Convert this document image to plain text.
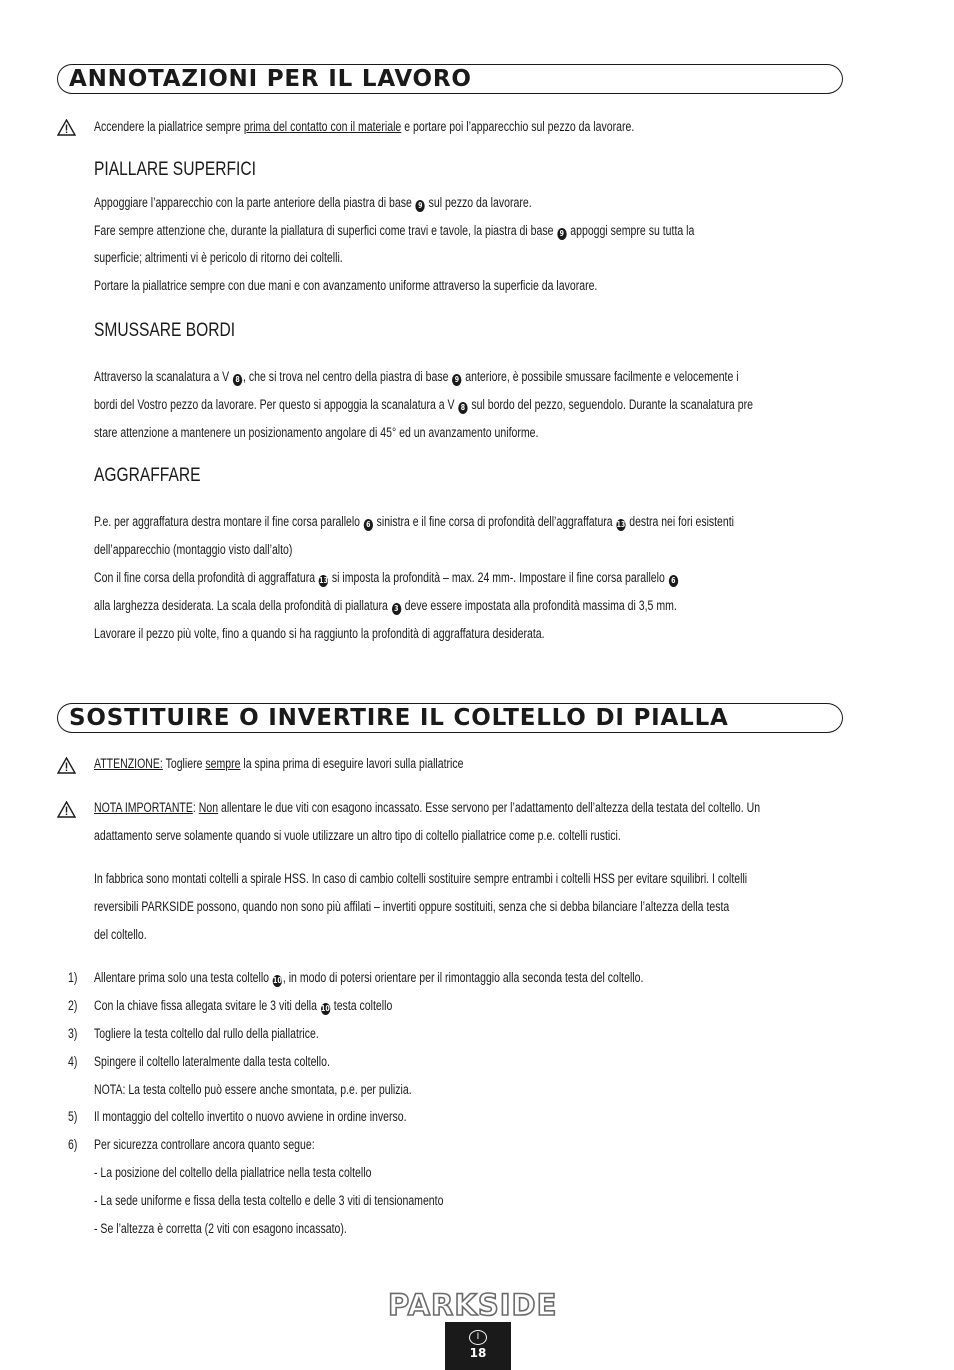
ANNOTAZIONI PER IL LAVORO
Accendere la piallatrice sempre prima del contatto con il materiale e portare poi l’apparecchio sul pezzo da lavorare.
PIALLARE SUPERFICI
Appoggiare l’apparecchio con la parte anteriore della piastra di base 9 sul pezzo da lavorare.
Fare sempre attenzione che, durante la piallatura di superfici come travi e tavole, la piastra di base 9 appoggi sempre su tutta la
superficie; altrimenti vi è pericolo di ritorno dei coltelli.
Portare la piallatrice sempre con due mani e con avanzamento uniforme attraverso la superficie da lavorare.
SMUSSARE BORDI
Attraverso la scanalatura a V 8 , che si trova nel centro della piastra di base 9 anteriore, è possibile smussare facilmente e velocemente i
bordi del Vostro pezzo da lavorare. Per questo si appoggia la scanalatura a V 8 sul bordo del pezzo, seguendolo. Durante la scanalatura pre
stare attenzione a mantenere un posizionamento angolare di 45° ed un avanzamento uniforme.
AGGRAFFARE
P.e. per aggraffatura destra montare il fine corsa parallelo 6 sinistra e il fine corsa di profondità dell’aggraffatura 13 destra nei fori esistenti
dell’apparecchio (montaggio visto dall’alto)
Con il fine corsa della profondità di aggraffatura 13 si imposta la profondità – max. 24 mm-. Impostare il fine corsa parallelo 6
alla larghezza desiderata. La scala della profondità di piallatura 3 deve essere impostata alla profondità massima di 3,5 mm.
Lavorare il pezzo più volte, fino a quando si ha raggiunto la profondità di aggraffatura desiderata.
SOSTITUIRE O INVERTIRE IL COLTELLO DI PIALLA
ATTENZIONE: Togliere sempre la spina prima di eseguire lavori sulla piallatrice
NOTA IMPORTANTE: Non allentare le due viti con esagono incassato. Esse servono per l’adattamento dell’altezza della testata del coltello. Un
adattamento serve solamente quando si vuole utilizzare un altro tipo di coltello piallatrice come p.e. coltelli rustici.
In fabbrica sono montati coltelli a spirale HSS. In caso di cambio coltelli sostituire sempre entrambi i coltelli HSS per evitare squilibri. I coltelli
reversibili PARKSIDE possono, quando non sono più affilati – invertiti oppure sostituiti, senza che si debba bilanciare l’altezza della testa
del coltello.
1) Allentare prima solo una testa coltello 10, in modo di potersi orientare per il rimontaggio alla seconda testa del coltello.
2) Con la chiave fissa allegata svitare le 3 viti della 10 testa coltello
3) Togliere la testa coltello dal rullo della piallatrice.
4) Spingere il coltello lateralmente dalla testa coltello.
NOTA: La testa coltello può essere anche smontata, p.e. per pulizia.
5) Il montaggio del coltello invertito o nuovo avviene in ordine inverso.
6) Per sicurezza controllare ancora quanto segue:
- La posizione del coltello della piallatrice nella testa coltello
- La sede uniforme e fissa della testa coltello e delle 3 viti di tensionamento
- Se l’altezza è corretta (2 viti con esagono incassato).
PARKSIDE
I
18
